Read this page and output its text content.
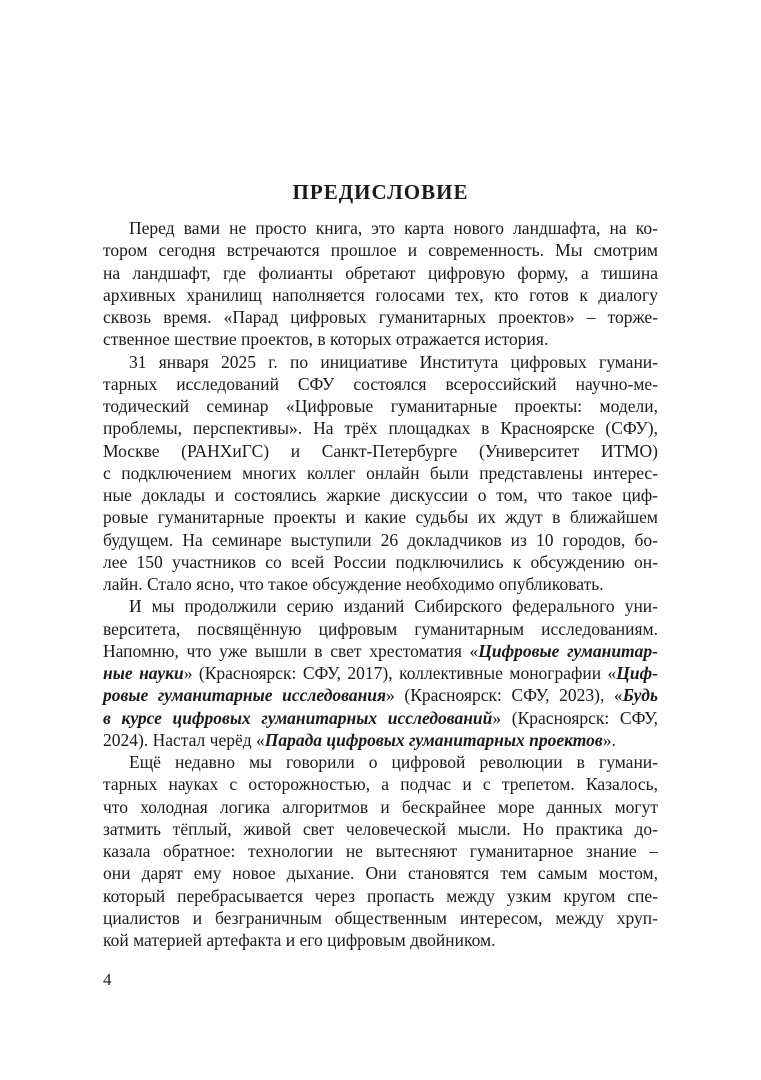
ПРЕДИСЛОВИЕ
Перед вами не просто книга, это карта нового ландшафта, на ко-
тором сегодня встречаются прошлое и современность. Мы смотрим
на ландшафт, где фолианты обретают цифровую форму, а тишина
архивных хранилищ наполняется голосами тех, кто готов к диалогу
сквозь время. «Парад цифровых гуманитарных проектов» – торже-
ственное шествие проектов, в которых отражается история.
31 января 2025 г. по инициативе Института цифровых гумани-
тарных исследований СФУ состоялся всероссийский научно-ме-
тодический семинар «Цифровые гуманитарные проекты: модели,
проблемы, перспективы». На трёх площадках в Красноярске (СФУ),
Москве (РАНХиГС) и Санкт-Петербурге (Университет ИТМО)
с подключением многих коллег онлайн были представлены интерес-
ные доклады и состоялись жаркие дискуссии о том, что такое циф-
ровые гуманитарные проекты и какие судьбы их ждут в ближайшем
будущем. На семинаре выступили 26 докладчиков из 10 городов, бо-
лее 150 участников со всей России подключились к обсуждению он-
лайн. Стало ясно, что такое обсуждение необходимо опубликовать.
И мы продолжили серию изданий Сибирского федерального уни-
верситета, посвящённую цифровым гуманитарным исследованиям.
Напомню, что уже вышли в свет хрестоматия «Цифровые гуманитар-
ные науки» (Красноярск: СФУ, 2017), коллективные монографии «Циф-
ровые гуманитарные исследования» (Красноярск: СФУ, 2023), «Будь
в курсе цифровых гуманитарных исследований» (Красноярск: СФУ,
2024). Настал черёд «Парада цифровых гуманитарных проектов».
Ещё недавно мы говорили о цифровой революции в гумани-
тарных науках с осторожностью, а подчас и с трепетом. Казалось,
что холодная логика алгоритмов и бескрайнее море данных могут
затмить тёплый, живой свет человеческой мысли. Но практика до-
казала обратное: технологии не вытесняют гуманитарное знание –
они дарят ему новое дыхание. Они становятся тем самым мостом,
который перебрасывается через пропасть между узким кругом спе-
циалистов и безграничным общественным интересом, между хруп-
кой материей артефакта и его цифровым двойником.
4
